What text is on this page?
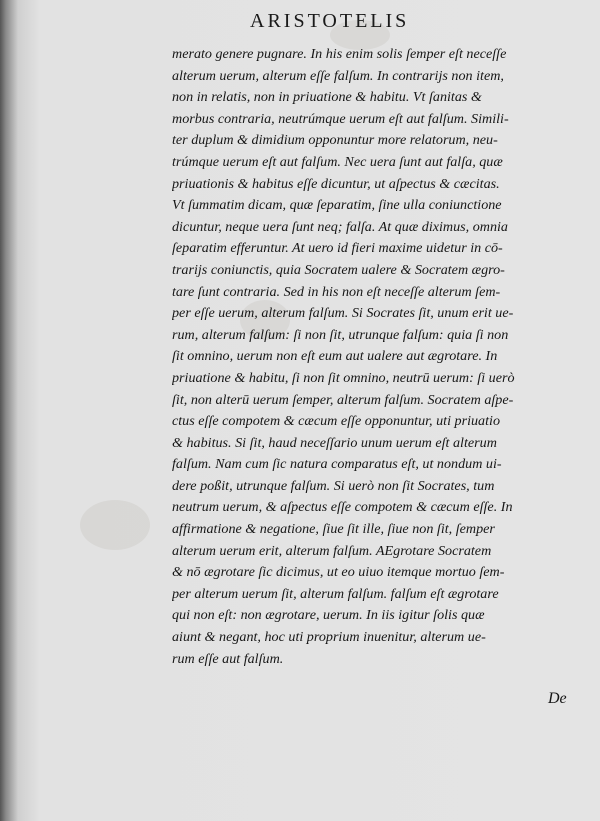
ARISTOTELIS
merato genere pugnare. In his enim solis ſemper eſt neceſſe
alterum uerum, alterum eſſe falſum. In contrarijs non item,
non in relatis, non in priuatione & habitu. Vt ſanitas &
morbus contraria, neutrúmque uerum eſt aut falſum. Simili-
ter duplum & dimidium opponuntur more relatorum, neu-
trúmque uerum eſt aut falſum. Nec uera ſunt aut falſa, quæ
priuationis & habitus eſſe dicuntur, ut aſpectus & cæcitas.
Vt ſummatim dicam, quæ ſeparatim, ſine ulla coniunctione
dicuntur, neque uera ſunt neq; falſa. At quæ diximus, omnia
ſeparatim efferuntur. At uero id fieri maxime uidetur in cō-
trarijs coniunctis, quia Socratem ualere & Socratem ægro-
tare ſunt contraria. Sed in his non eſt neceſſe alterum ſem-
per eſſe uerum, alterum falſum. Si Socrates ſit, unum erit ue-
rum, alterum falſum: ſi non ſit, utrunque falſum: quia ſi non
ſit omnino, uerum non eſt eum aut ualere aut ægrotare. In
priuatione & habitu, ſi non ſit omnino, neutrū uerum: ſi uerò
ſit, non alterū uerum ſemper, alterum falſum. Socratem aſpe-
ctus eſſe compotem & cæcum eſſe opponuntur, uti priuatio
& habitus. Si ſit, haud neceſſario unum uerum eſt alterum
falſum. Nam cum ſic natura comparatus eſt, ut nondum ui-
dere poßit, utrunque falſum. Si uerò non ſit Socrates, tum
neutrum uerum, & aſpectus eſſe compotem & cæcum eſſe. In
affirmatione & negatione, ſiue ſit ille, ſiue non ſit, ſemper
alterum uerum erit, alterum falſum. AEgrotare Socratem
& nō ægrotare ſic dicimus, ut eo uiuo itemque mortuo ſem-
per alterum uerum ſit, alterum falſum. falſum eſt ægrotare
qui non eſt: non ægrotare, uerum. In iis igitur ſolis quæ
aiunt & negant, hoc uti proprium inuenitur, alterum ue-
rum eſſe aut falſum.
De
